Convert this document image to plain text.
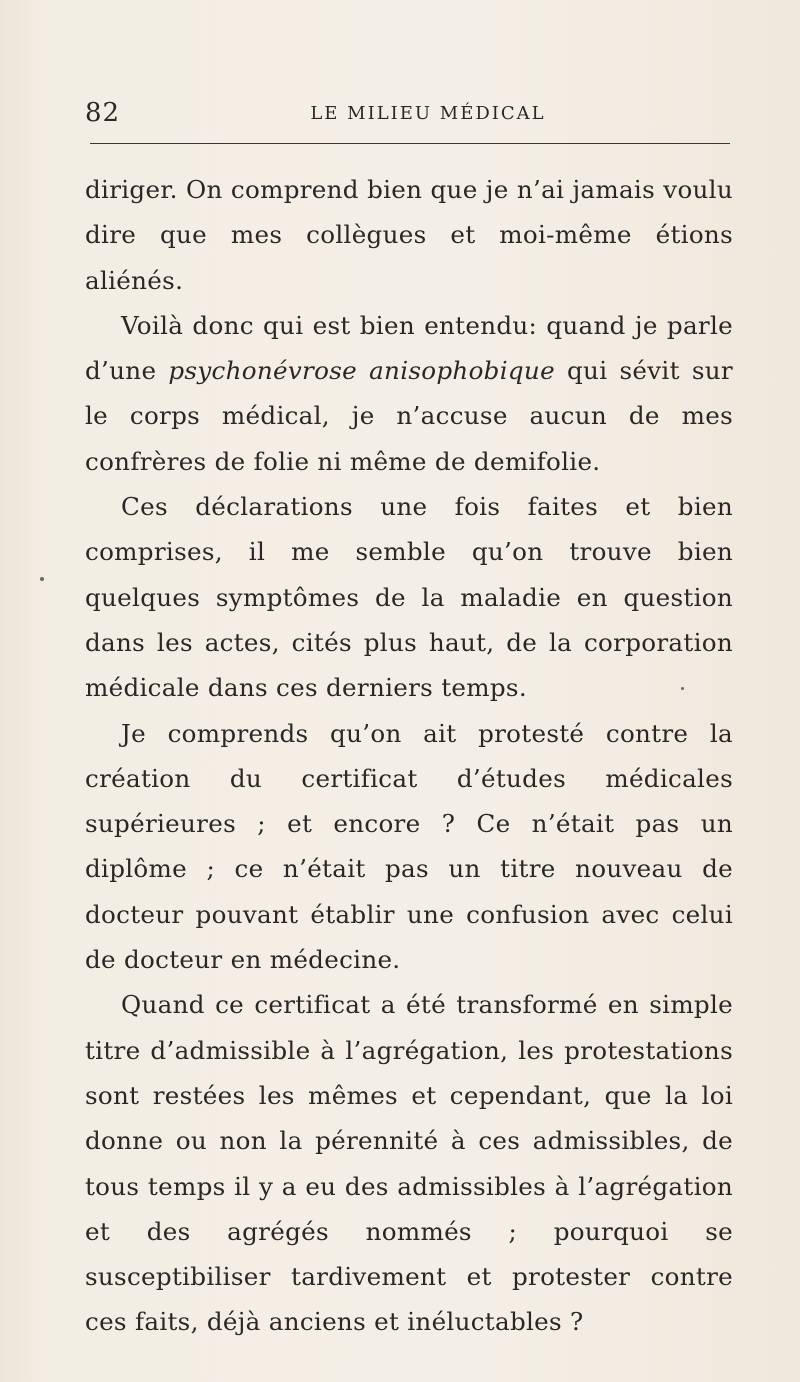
82	LE MILIEU MÉDICAL

diriger. On comprend bien que je n’ai jamais voulu dire que mes collègues et moi-même étions aliénés.

Voilà donc qui est bien entendu: quand je parle d’une psychonévrose anisophobique qui sévit sur le corps médical, je n’accuse aucun de mes confrères de folie ni même de demifolie.

Ces déclarations une fois faites et bien comprises, il me semble qu’on trouve bien quelques symptômes de la maladie en question dans les actes, cités plus haut, de la corporation médicale dans ces derniers temps.

Je comprends qu’on ait protesté contre la création du certificat d’études médicales supérieures ; et encore ? Ce n’était pas un diplôme ; ce n’était pas un titre nouveau de docteur pouvant établir une confusion avec celui de docteur en médecine.

Quand ce certificat a été transformé en simple titre d’admissible à l’agrégation, les protestations sont restées les mêmes et cependant, que la loi donne ou non la pérennité à ces admissibles, de tous temps il y a eu des admissibles à l’agrégation et des agrégés nommés ; pourquoi se susceptibiliser tardivement et protester contre ces faits, déjà anciens et inéluctables ?
